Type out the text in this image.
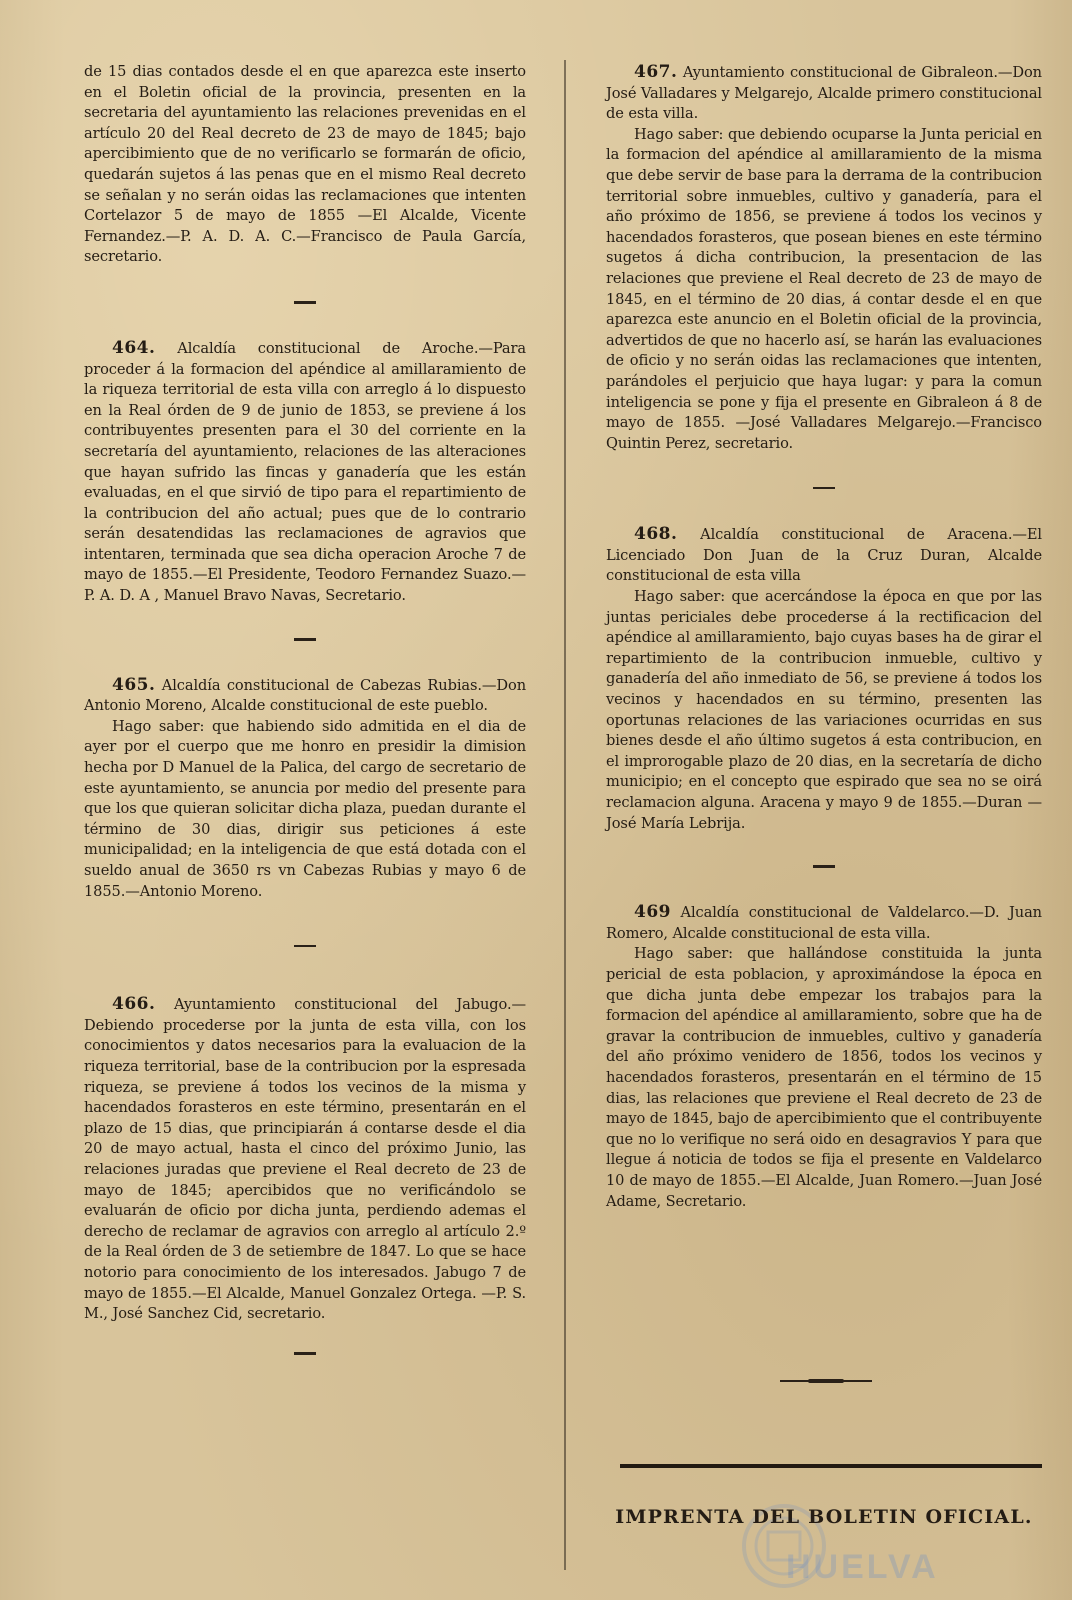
de 15 dias contados desde el en que aparezca este inserto en el Boletin oficial de la provincia, presenten en la secretaria del ayuntamiento las relaciones prevenidas en el artículo 20 del Real decreto de 23 de mayo de 1845; bajo apercibimiento que de no verificarlo se formarán de oficio, quedarán sujetos á las penas que en el mismo Real decreto se señalan y no serán oidas las reclamaciones que intenten Cortelazor 5 de mayo de 1855 —El Alcalde, Vicente Fernandez.—P. A. D. A. C.—Francisco de Paula García, secretario.

464. Alcaldía constitucional de Aroche.—Para proceder á la formacion del apéndice al amillaramiento de la riqueza territorial de esta villa con arreglo á lo dispuesto en la Real órden de 9 de junio de 1853, se previene á los contribuyentes presenten para el 30 del corriente en la secretaría del ayuntamiento, relaciones de las alteraciones que hayan sufrido las fincas y ganadería que les están evaluadas, en el que sirvió de tipo para el repartimiento de la contribucion del año actual; pues que de lo contrario serán desatendidas las reclamaciones de agravios que intentaren, terminada que sea dicha operacion Aroche 7 de mayo de 1855.—El Presidente, Teodoro Fernandez Suazo.—P. A. D. A , Manuel Bravo Navas, Secretario.

465. Alcaldía constitucional de Cabezas Rubias.—Don Antonio Moreno, Alcalde constitucional de este pueblo.

Hago saber: que habiendo sido admitida en el dia de ayer por el cuerpo que me honro en presidir la dimision hecha por D Manuel de la Palica, del cargo de secretario de este ayuntamiento, se anuncia por medio del presente para que los que quieran solicitar dicha plaza, puedan durante el término de 30 dias, dirigir sus peticiones á este municipalidad; en la inteligencia de que está dotada con el sueldo anual de 3650 rs vn Cabezas Rubias y mayo 6 de 1855.—Antonio Moreno.

466. Ayuntamiento constitucional del Jabugo.—Debiendo procederse por la junta de esta villa, con los conocimientos y datos necesarios para la evaluacion de la riqueza territorial, base de la contribucion por la espresada riqueza, se previene á todos los vecinos de la misma y hacendados forasteros en este término, presentarán en el plazo de 15 dias, que principiarán á contarse desde el dia 20 de mayo actual, hasta el cinco del próximo Junio, las relaciones juradas que previene el Real decreto de 23 de mayo de 1845; apercibidos que no verificándolo se evaluarán de oficio por dicha junta, perdiendo ademas el derecho de reclamar de agravios con arreglo al artículo 2.º de la Real órden de 3 de setiembre de 1847. Lo que se hace notorio para conocimiento de los interesados. Jabugo 7 de mayo de 1855.—El Alcalde, Manuel Gonzalez Ortega. —P. S. M., José Sanchez Cid, secretario.

467. Ayuntamiento constitucional de Gibraleon.—Don José Valladares y Melgarejo, Alcalde primero constitucional de esta villa.

Hago saber: que debiendo ocuparse la Junta pericial en la formacion del apéndice al amillaramiento de la misma que debe servir de base para la derrama de la contribucion territorial sobre inmuebles, cultivo y ganadería, para el año próximo de 1856, se previene á todos los vecinos y hacendados forasteros, que posean bienes en este término sugetos á dicha contribucion, la presentacion de las relaciones que previene el Real decreto de 23 de mayo de 1845, en el término de 20 dias, á contar desde el en que aparezca este anuncio en el Boletin oficial de la provincia, advertidos de que no hacerlo así, se harán las evaluaciones de oficio y no serán oidas las reclamaciones que intenten, parándoles el perjuicio que haya lugar: y para la comun inteligencia se pone y fija el presente en Gibraleon á 8 de mayo de 1855. —José Valladares Melgarejo.—Francisco Quintin Perez, secretario.

468. Alcaldía constitucional de Aracena.—El Licenciado Don Juan de la Cruz Duran, Alcalde constitucional de esta villa

Hago saber: que acercándose la época en que por las juntas periciales debe procederse á la rectificacion del apéndice al amillaramiento, bajo cuyas bases ha de girar el repartimiento de la contribucion inmueble, cultivo y ganadería del año inmediato de 56, se previene á todos los vecinos y hacendados en su término, presenten las oportunas relaciones de las variaciones ocurridas en sus bienes desde el año último sugetos á esta contribucion, en el improrogable plazo de 20 dias, en la secretaría de dicho municipio; en el concepto que espirado que sea no se oirá reclamacion alguna. Aracena y mayo 9 de 1855.—Duran —José María Lebrija.

469 Alcaldía constitucional de Valdelarco.—D. Juan Romero, Alcalde constitucional de esta villa.

Hago saber: que hallándose constituida la junta pericial de esta poblacion, y aproximándose la época en que dicha junta debe empezar los trabajos para la formacion del apéndice al amillaramiento, sobre que ha de gravar la contribucion de inmuebles, cultivo y ganadería del año próximo venidero de 1856, todos los vecinos y hacendados forasteros, presentarán en el término de 15 dias, las relaciones que previene el Real decreto de 23 de mayo de 1845, bajo de apercibimiento que el contribuyente que no lo verifique no será oido en desagravios Y para que llegue á noticia de todos se fija el presente en Valdelarco 10 de mayo de 1855.—El Alcalde, Juan Romero.—Juan José Adame, Secretario.

HUELVA
IMPRENTA DEL BOLETIN OFICIAL.
